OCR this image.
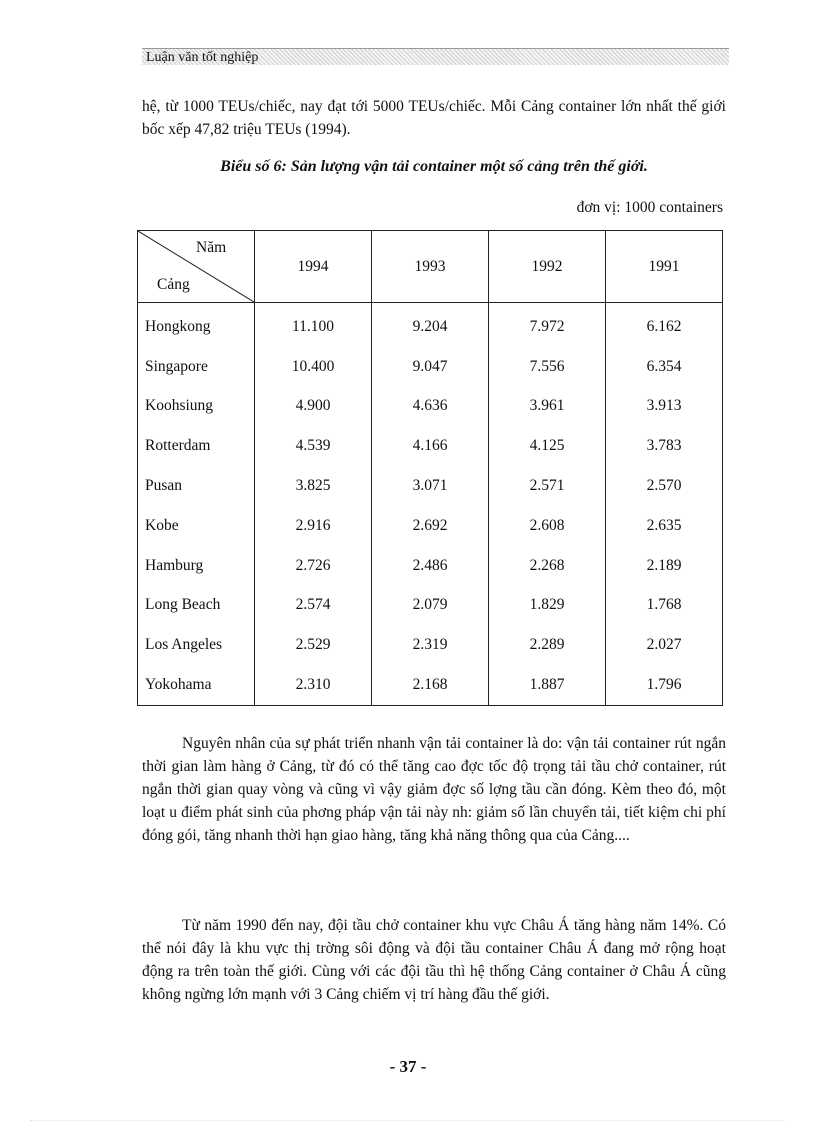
Luận văn tốt nghiệp

hệ, từ 1000 TEUs/chiếc, nay đạt tới 5000 TEUs/chiếc. Mỗi Cảng container lớn nhất thế giới bốc xếp 47,82 triệu TEUs (1994).

Biểu số 6: Sản lượng vận tải container một số cảng trên thế giới.
đơn vị: 1000 containers
Năm
Cảng	1994	1993	1992	1991
Hongkong	11.100	9.204	7.972	6.162
Singapore	10.400	9.047	7.556	6.354
Koohsiung	4.900	4.636	3.961	3.913
Rotterdam	4.539	4.166	4.125	3.783
Pusan	3.825	3.071	2.571	2.570
Kobe	2.916	2.692	2.608	2.635
Hamburg	2.726	2.486	2.268	2.189
Long Beach	2.574	2.079	1.829	1.768
Los Angeles	2.529	2.319	2.289	2.027
Yokohama	2.310	2.168	1.887	1.796

Nguyên nhân của sự phát triển nhanh vận tải container là do: vận tải container rút ngắn thời gian làm hàng ở Cảng, từ đó có thể tăng cao đợc tốc độ trọng tải tầu chở container, rút ngắn thời gian quay vòng và cũng vì vậy giảm đợc số lợng tầu cần đóng. Kèm theo đó, một loạt u điểm phát sinh của phơng pháp vận tải này nh: giảm số lần chuyển tải, tiết kiệm chi phí đóng gói, tăng nhanh thời hạn giao hàng, tăng khả năng thông qua của Cảng....

Từ năm 1990 đến nay, đội tầu chở container khu vực Châu Á tăng hàng năm 14%. Có thể nói đây là khu vực thị trờng sôi động và đội tầu container Châu Á đang mở rộng hoạt động ra trên toàn thế giới. Cùng với các đội tầu thì hệ thống Cảng container ở Châu Á cũng không ngừng lớn mạnh với 3 Cảng chiếm vị trí hàng đầu thế giới.

- 37 -
